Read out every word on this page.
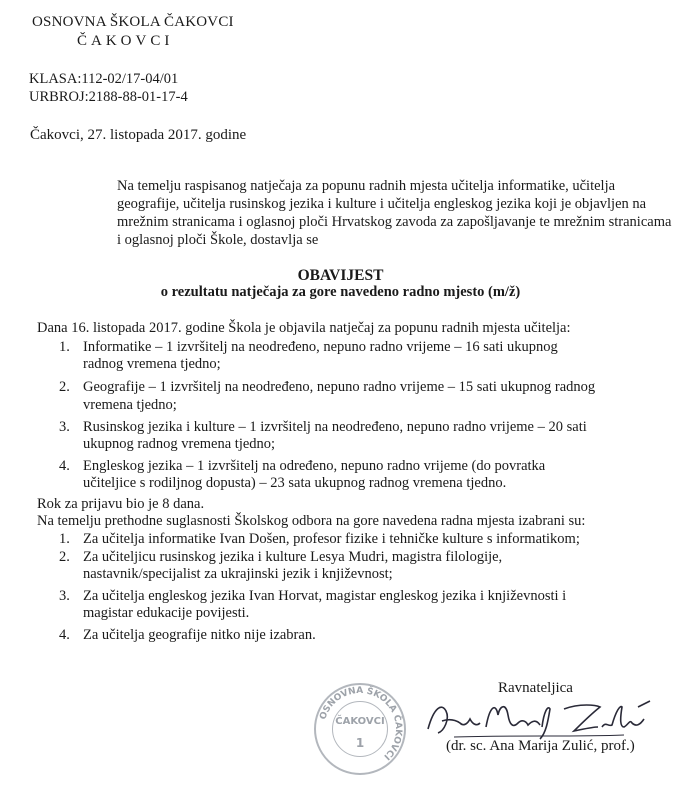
OSNOVNA ŠKOLA ČAKOVCI
ČAKOVCI
KLASA:112-02/17-04/01
URBROJ:2188-88-01-17-4
Čakovci, 27. listopada 2017. godine
Na temelju raspisanog natječaja za popunu radnih mjesta učitelja informatike, učitelja
geografije, učitelja rusinskog jezika i kulture i učitelja engleskog jezika koji je objavljen na
mrežnim stranicama i oglasnoj ploči Hrvatskog zavoda za zapošljavanje te mrežnim stranicama
i oglasnoj ploči Škole, dostavlja se
OBAVIJEST
o rezultatu natječaja za gore navedeno radno mjesto (m/ž)
Dana 16. listopada 2017. godine Škola je objavila natječaj za popunu radnih mjesta učitelja:
1. Informatike – 1 izvršitelj na neodređeno, nepuno radno vrijeme – 16 sati ukupnog
radnog vremena tjedno;
2. Geografije – 1 izvršitelj na neodređeno, nepuno radno vrijeme – 15 sati ukupnog radnog
vremena tjedno;
3. Rusinskog jezika i kulture – 1 izvršitelj na neodređeno, nepuno radno vrijeme – 20 sati
ukupnog radnog vremena tjedno;
4. Engleskog jezika – 1 izvršitelj na određeno, nepuno radno vrijeme (do povratka
učiteljice s rodiljnog dopusta) – 23 sata ukupnog radnog vremena tjedno.
Rok za prijavu bio je 8 dana.
Na temelju prethodne suglasnosti Školskog odbora na gore navedena radna mjesta izabrani su:
1. Za učitelja informatike Ivan Došen, profesor fizike i tehničke kulture s informatikom;
2. Za učiteljicu rusinskog jezika i kulture Lesya Mudri, magistra filologije,
nastavnik/specijalist za ukrajinski jezik i književnost;
3. Za učitelja engleskog jezika Ivan Horvat, magistar engleskog jezika i književnosti i
magistar edukacije povijesti.
4. Za učitelja geografije nitko nije izabran.
OSNOVNA ŠKOLA ČAKOVCI
ČAKOVCI
1
Ravnateljica
(dr. sc. Ana Marija Zulić, prof.)
